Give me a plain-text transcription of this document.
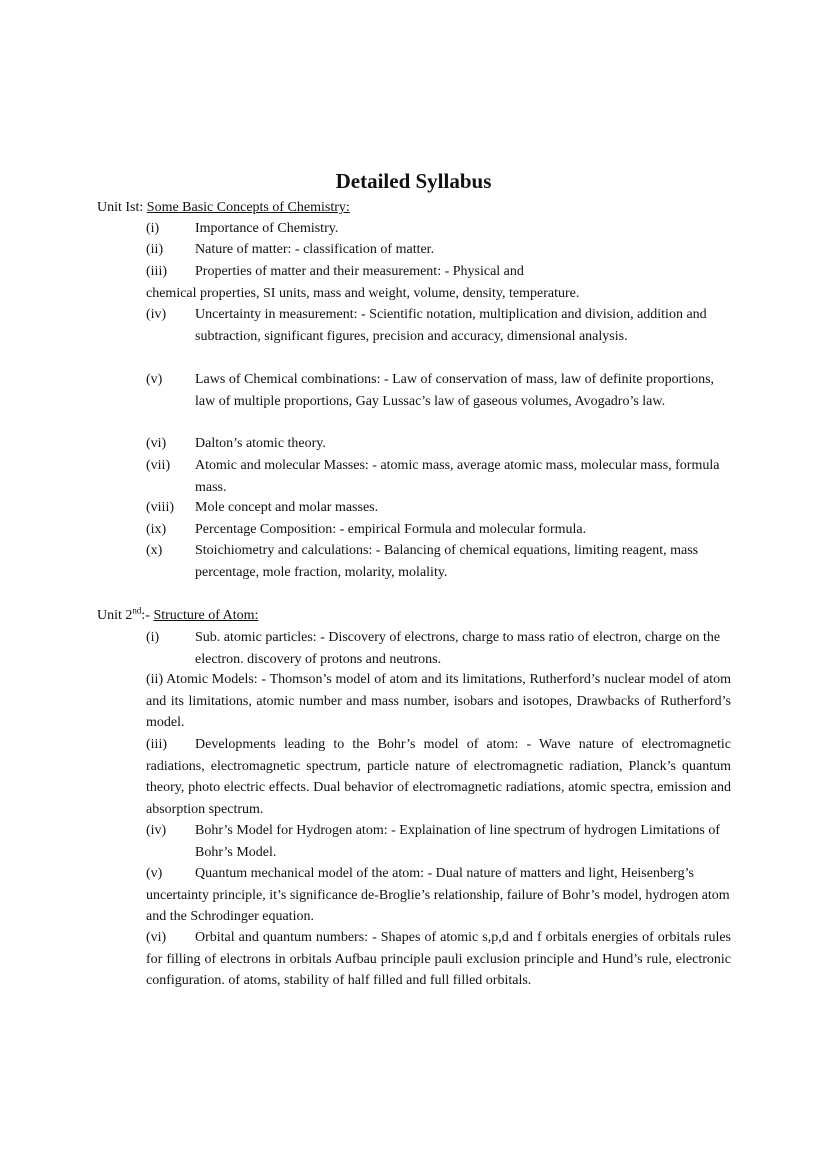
Detailed Syllabus
Unit Ist: Some Basic Concepts of Chemistry:
(i)	Importance of Chemistry.
(ii) Nature of matter: - classification of matter.
(iii) Properties of matter and their measurement: - Physical and
chemical properties, SI units, mass and weight, volume, density, temperature.
(iv) Uncertainty in measurement: - Scientific notation, multiplication and division, addition and subtraction, significant figures, precision and accuracy, dimensional analysis.
(v) Laws of Chemical combinations: - Law of conservation of mass, law of definite proportions, law of multiple proportions, Gay Lussac’s law of gaseous volumes, Avogadro’s law.
(vi) Dalton’s atomic theory.
(vii) Atomic and molecular Masses: - atomic mass, average atomic mass, molecular mass, formula mass.
(viii) Mole concept and molar masses.
(ix) Percentage Composition: - empirical Formula and molecular formula.
(x) Stoichiometry and calculations: - Balancing of chemical equations, limiting reagent, mass percentage, mole fraction, molarity, molality.
Unit 2nd:- Structure of Atom:
(i)	Sub. atomic particles: - Discovery of electrons, charge to mass ratio of electron, charge on the electron. discovery of protons and neutrons.
(ii) Atomic Models: - Thomson’s model of atom and its limitations, Rutherford’s nuclear model of atom and its limitations, atomic number and mass number, isobars and isotopes, Drawbacks of Rutherford’s model.
(iii) Developments leading to the Bohr’s model of atom: - Wave nature of electromagnetic radiations, electromagnetic spectrum, particle nature of electromagnetic radiation, Planck’s quantum theory, photo electric effects. Dual behavior of electromagnetic radiations, atomic spectra, emission and absorption spectrum.
(iv) Bohr’s Model for Hydrogen atom: - Explaination of line spectrum of hydrogen Limitations of Bohr’s Model.
(v) Quantum mechanical model of the atom: - Dual nature of matters and light, Heisenberg’s uncertainty principle, it’s significance de-Broglie’s relationship, failure of Bohr’s model, hydrogen atom and the Schrodinger equation.
(vi) Orbital and quantum numbers: - Shapes of atomic s,p,d and f orbitals energies of orbitals rules for filling of electrons in orbitals Aufbau principle pauli exclusion principle and Hund’s rule, electronic configuration. of atoms, stability of half filled and full filled orbitals.
